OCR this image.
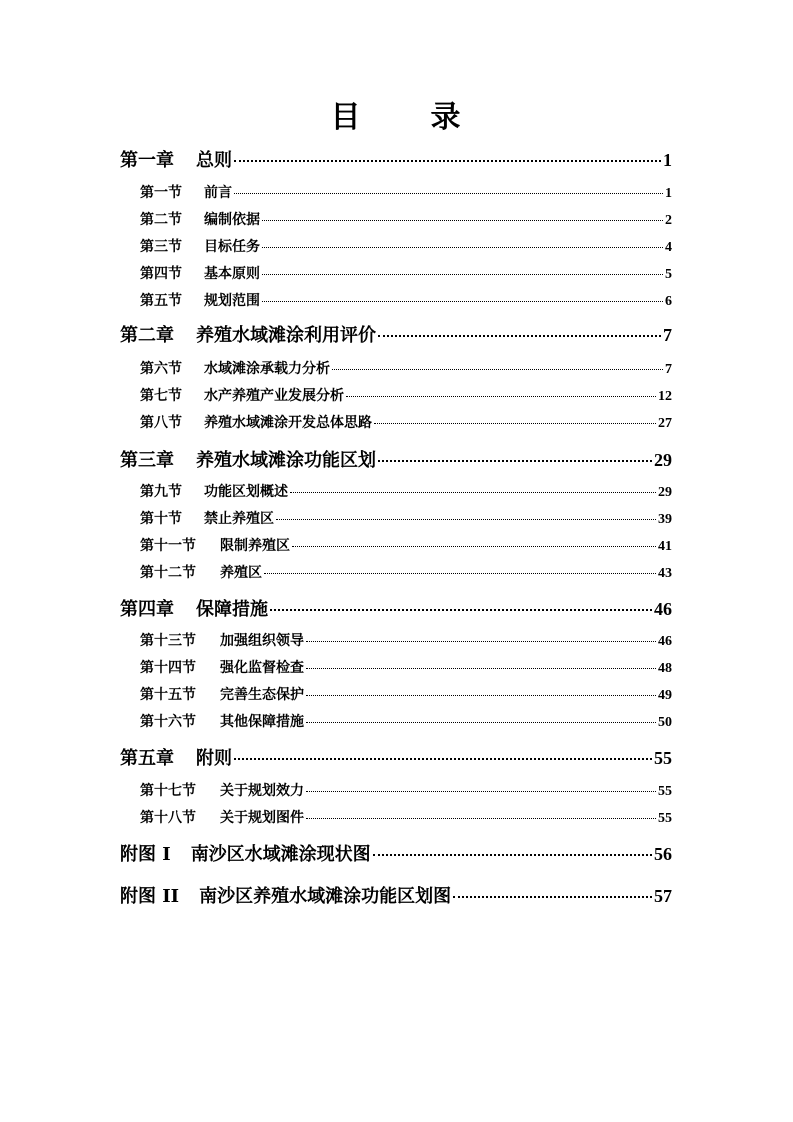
目　录
第一章	总则	1
第一节	前言	1
第二节	编制依据	2
第三节	目标任务	4
第四节	基本原则	5
第五节	规划范围	6
第二章	养殖水域滩涂利用评价	7
第六节	水域滩涂承载力分析	7
第七节	水产养殖产业发展分析	12
第八节	养殖水域滩涂开发总体思路	27
第三章	养殖水域滩涂功能区划	29
第九节	功能区划概述	29
第十节	禁止养殖区	39
第十一节	限制养殖区	41
第十二节	养殖区	43
第四章	保障措施	46
第十三节	加强组织领导	46
第十四节	强化监督检查	48
第十五节	完善生态保护	49
第十六节	其他保障措施	50
第五章	附则	55
第十七节	关于规划效力	55
第十八节	关于规划图件	55
附图 I	南沙区水域滩涂现状图	56
附图 II	南沙区养殖水域滩涂功能区划图	57
